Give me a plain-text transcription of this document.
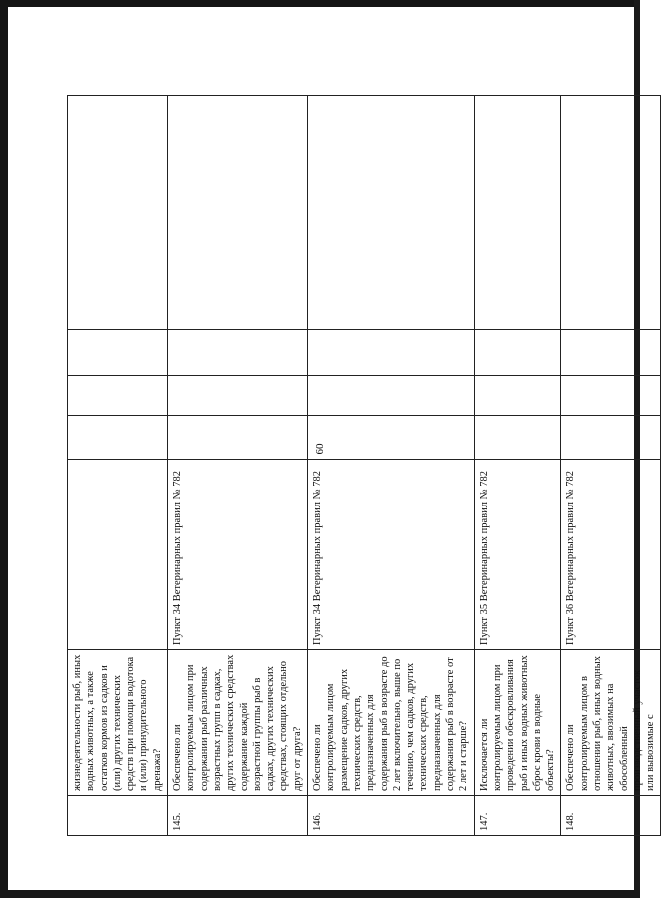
60
	жизнедеятельности рыб, иных водных животных, а также остатков кормов из садков и (или) других технических средств при помощи водотока и (или) принудительного дренажа?					
145.	Обеспечено ли контролируемым лицом при содержании рыб различных возрастных групп в садках, других технических средствах содержание каждой возрастной группы рыб в садках, других технических средствах, стоящих отдельно друг от друга?	Пункт 34 Ветеринарных правил № 782				
146.	Обеспечено ли контролируемым лицом размещение садков, других технических средств, предназначенных для содержания рыб в возрасте до 2 лет включительно, выше по течению, чем садков, других технических средств, предназначенных для содержания рыб в возрасте от 2 лет и старше?	Пункт 34 Ветеринарных правил № 782				
147.	Исключается ли контролируемым лицом при проведении обескровливания рыб и иных водных животных сброс крови в водные объекты?	Пункт 35 Ветеринарных правил № 782				
148.	Обеспечено ли контролируемым лицом в отношении рыб, иных водных животных, ввозимых на обособленный производственный участок или вывозимые с	Пункт 36 Ветеринарных правил № 782				
